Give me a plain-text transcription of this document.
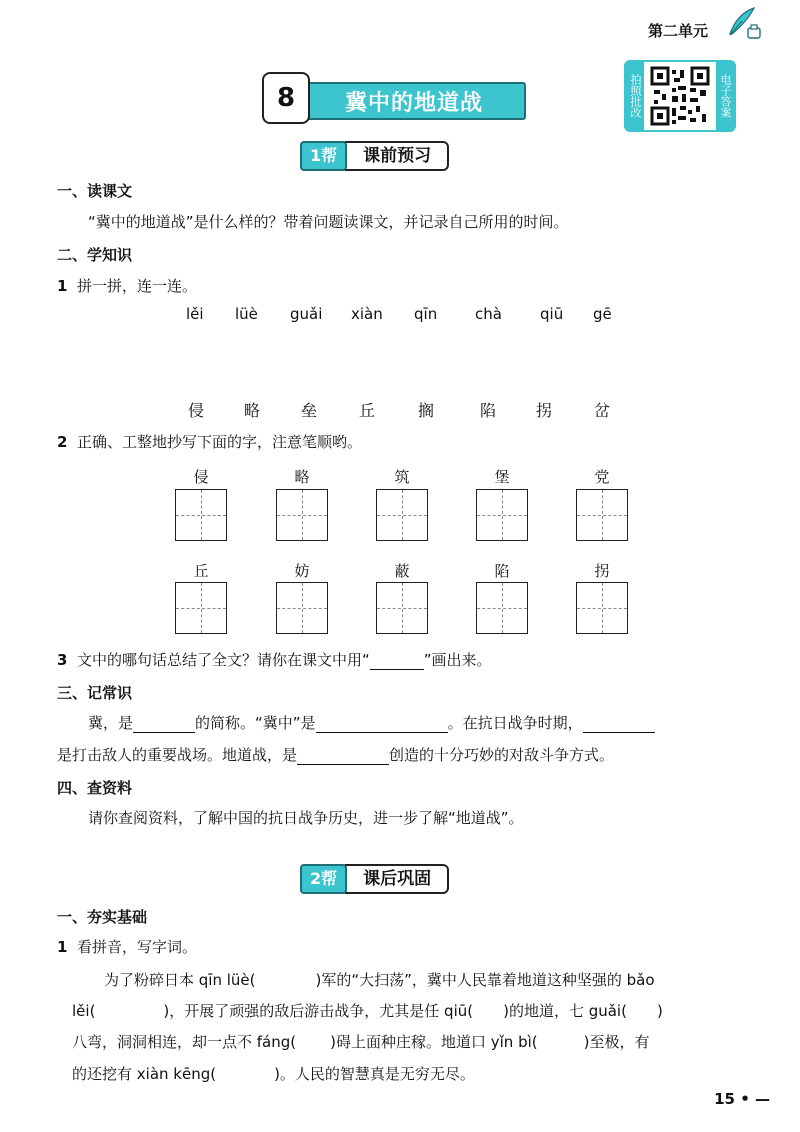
第二单元
8	冀中的地道战	拍照批改	电子答案
1帮	课前预习
一、读课文
“冀中的地道战”是什么样的？带着问题读课文，并记录自己所用的时间。
二、学知识
1 拼一拼，连一连。
lěi lüè guǎi xiàn qīn	chà	qiū gē
侵 略	垒	丘	搁	陷 拐	岔
2 正确、工整地抄写下面的字，注意笔顺哟。
侵	略	筑	堡	党
丘	妨	蔽	陷	拐
3 文中的哪句话总结了全文？请你在课文中用“	”画出来。
三、记常识
冀，是	的简称。“冀中”是	。在抗日战争时期，
是打击敌人的重要战场。地道战，是	创造的十分巧妙的对敌斗争方式。
四、查资料
请你查阅资料，了解中国的抗日战争历史，进一步了解“地道战”。
2帮	课后巩固
一、夯实基础
1 看拼音，写字词。
为了粉碎日本 qīn lüè(	)军的“大扫荡”，冀中人民靠着地道这种坚强的 bǎo
lěi(	)，开展了顽强的敌后游击战争，尤其是任 qiū( )的地道，七 guǎi( )
八弯，洞洞相连，却一点不 fáng( )碍上面种庄稼。地道口 yǐn bì(	)至极，有
的还挖有 xiàn kēng(	)。人民的智慧真是无穷无尽。
15 • —
